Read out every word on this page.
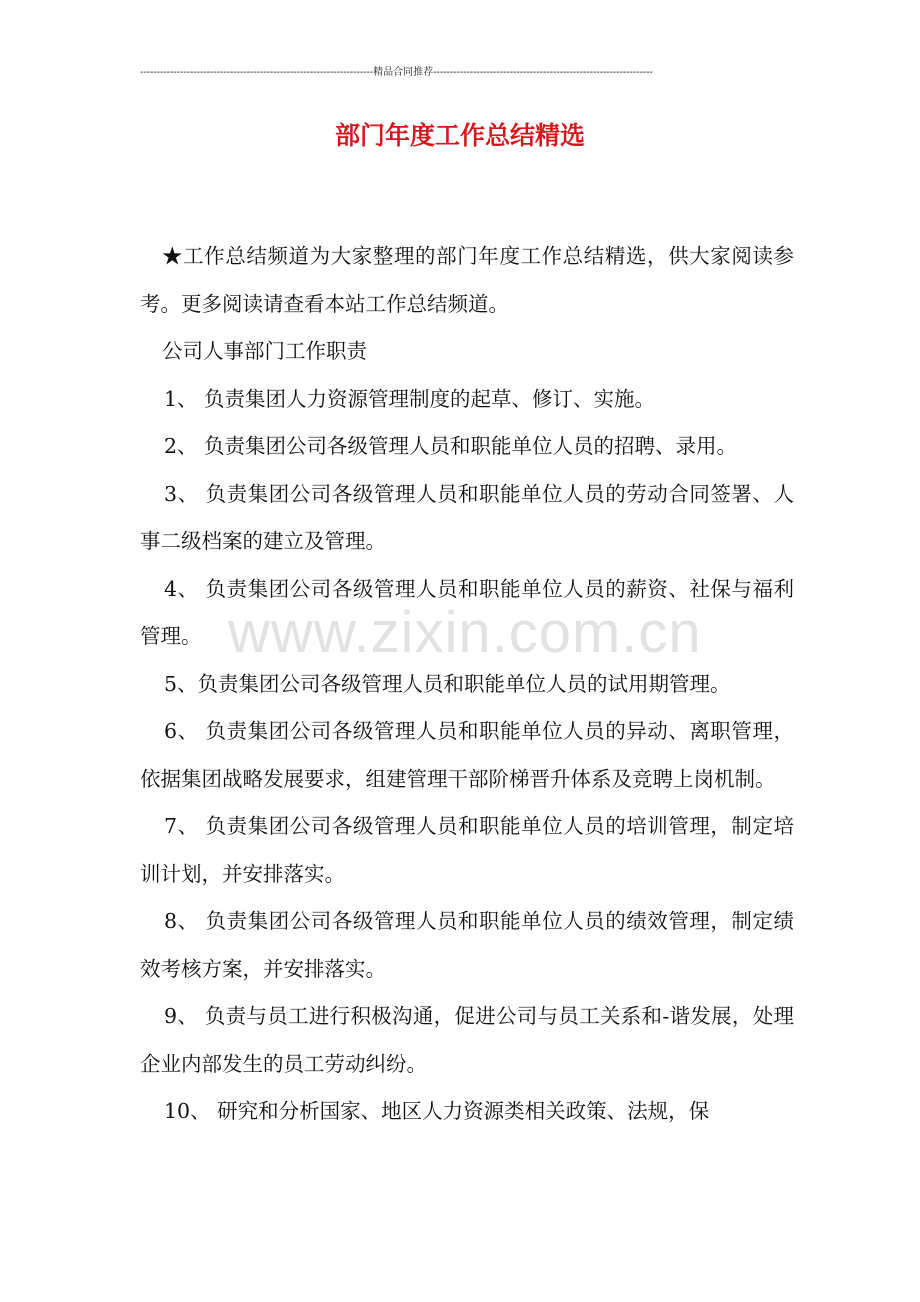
----------------------------------------------------------------------精品合同推荐------------------------------------------------------------------
部门年度工作总结精选
www.zixin.com.cn

★工作总结频道为大家整理的部门年度工作总结精选，供大家阅读参考。更多阅读请查看本站工作总结频道。

公司人事部门工作职责

1、 负责集团人力资源管理制度的起草、修订、实施。

2、 负责集团公司各级管理人员和职能单位人员的招聘、录用。

3、 负责集团公司各级管理人员和职能单位人员的劳动合同签署、人事二级档案的建立及管理。

4、 负责集团公司各级管理人员和职能单位人员的薪资、社保与福利管理。

5、负责集团公司各级管理人员和职能单位人员的试用期管理。

6、 负责集团公司各级管理人员和职能单位人员的异动、离职管理，依据集团战略发展要求，组建管理干部阶梯晋升体系及竞聘上岗机制。

7、 负责集团公司各级管理人员和职能单位人员的培训管理，制定培训计划，并安排落实。

8、 负责集团公司各级管理人员和职能单位人员的绩效管理，制定绩效考核方案，并安排落实。

9、 负责与员工进行积极沟通，促进公司与员工关系和-谐发展，处理企业内部发生的员工劳动纠纷。

10、 研究和分析国家、地区人力资源类相关政策、法规，保
